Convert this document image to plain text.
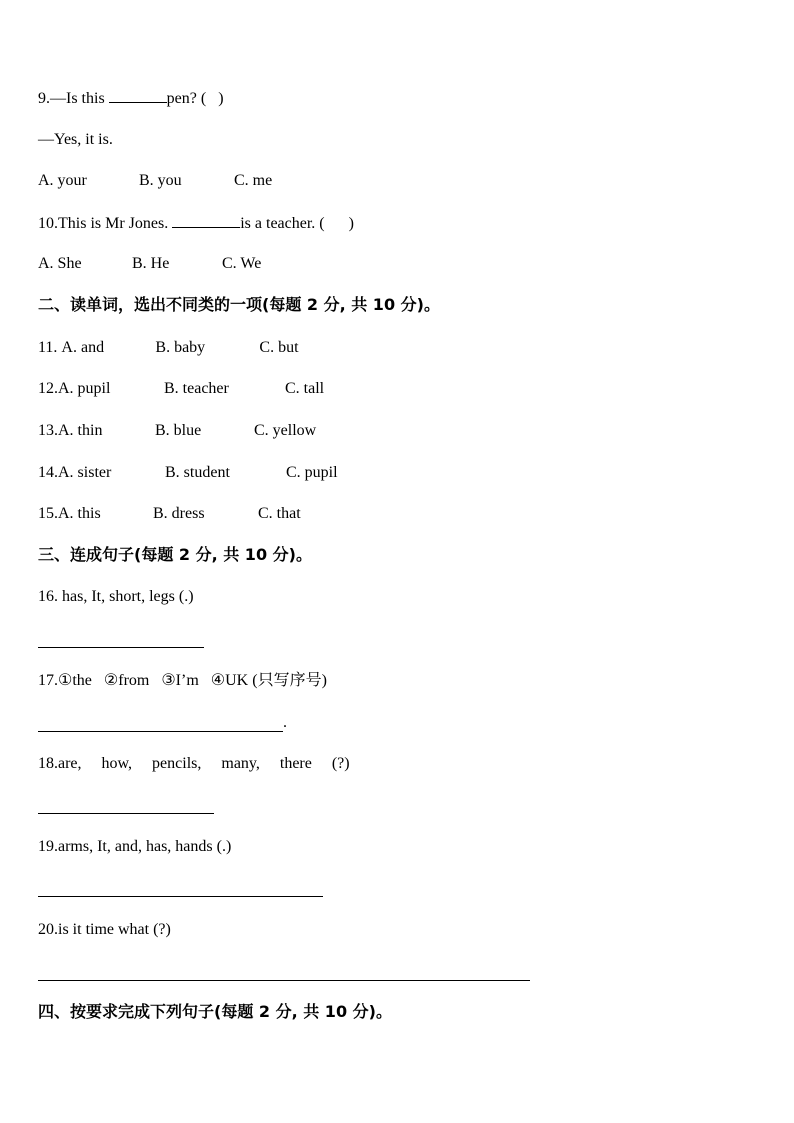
9.—Is this	pen? (   )
—Yes, it is.
A. your	B. you	C. me
10.This is Mr Jones.	is a teacher. (      )
A. She	B. He	C. We
二、读单词，选出不同类的一项(每题 2 分, 共 10 分)。
11. A. and	B. baby	C. but
12.A. pupil	B. teacher	C. tall
13.A. thin	B. blue	C. yellow
14.A. sister	B. student	C. pupil
15.A. this	B. dress	C. that
三、连成句子(每题 2 分, 共 10 分)。
16. has, It, short, legs (.)
17.①the   ②from   ③I’m   ④UK (只写序号)
.
18.are,     how,     pencils,     many,     there     (?)
19.arms, It, and, has, hands (.)
20.is it time what (?)
四、按要求完成下列句子(每题 2 分, 共 10 分)。
